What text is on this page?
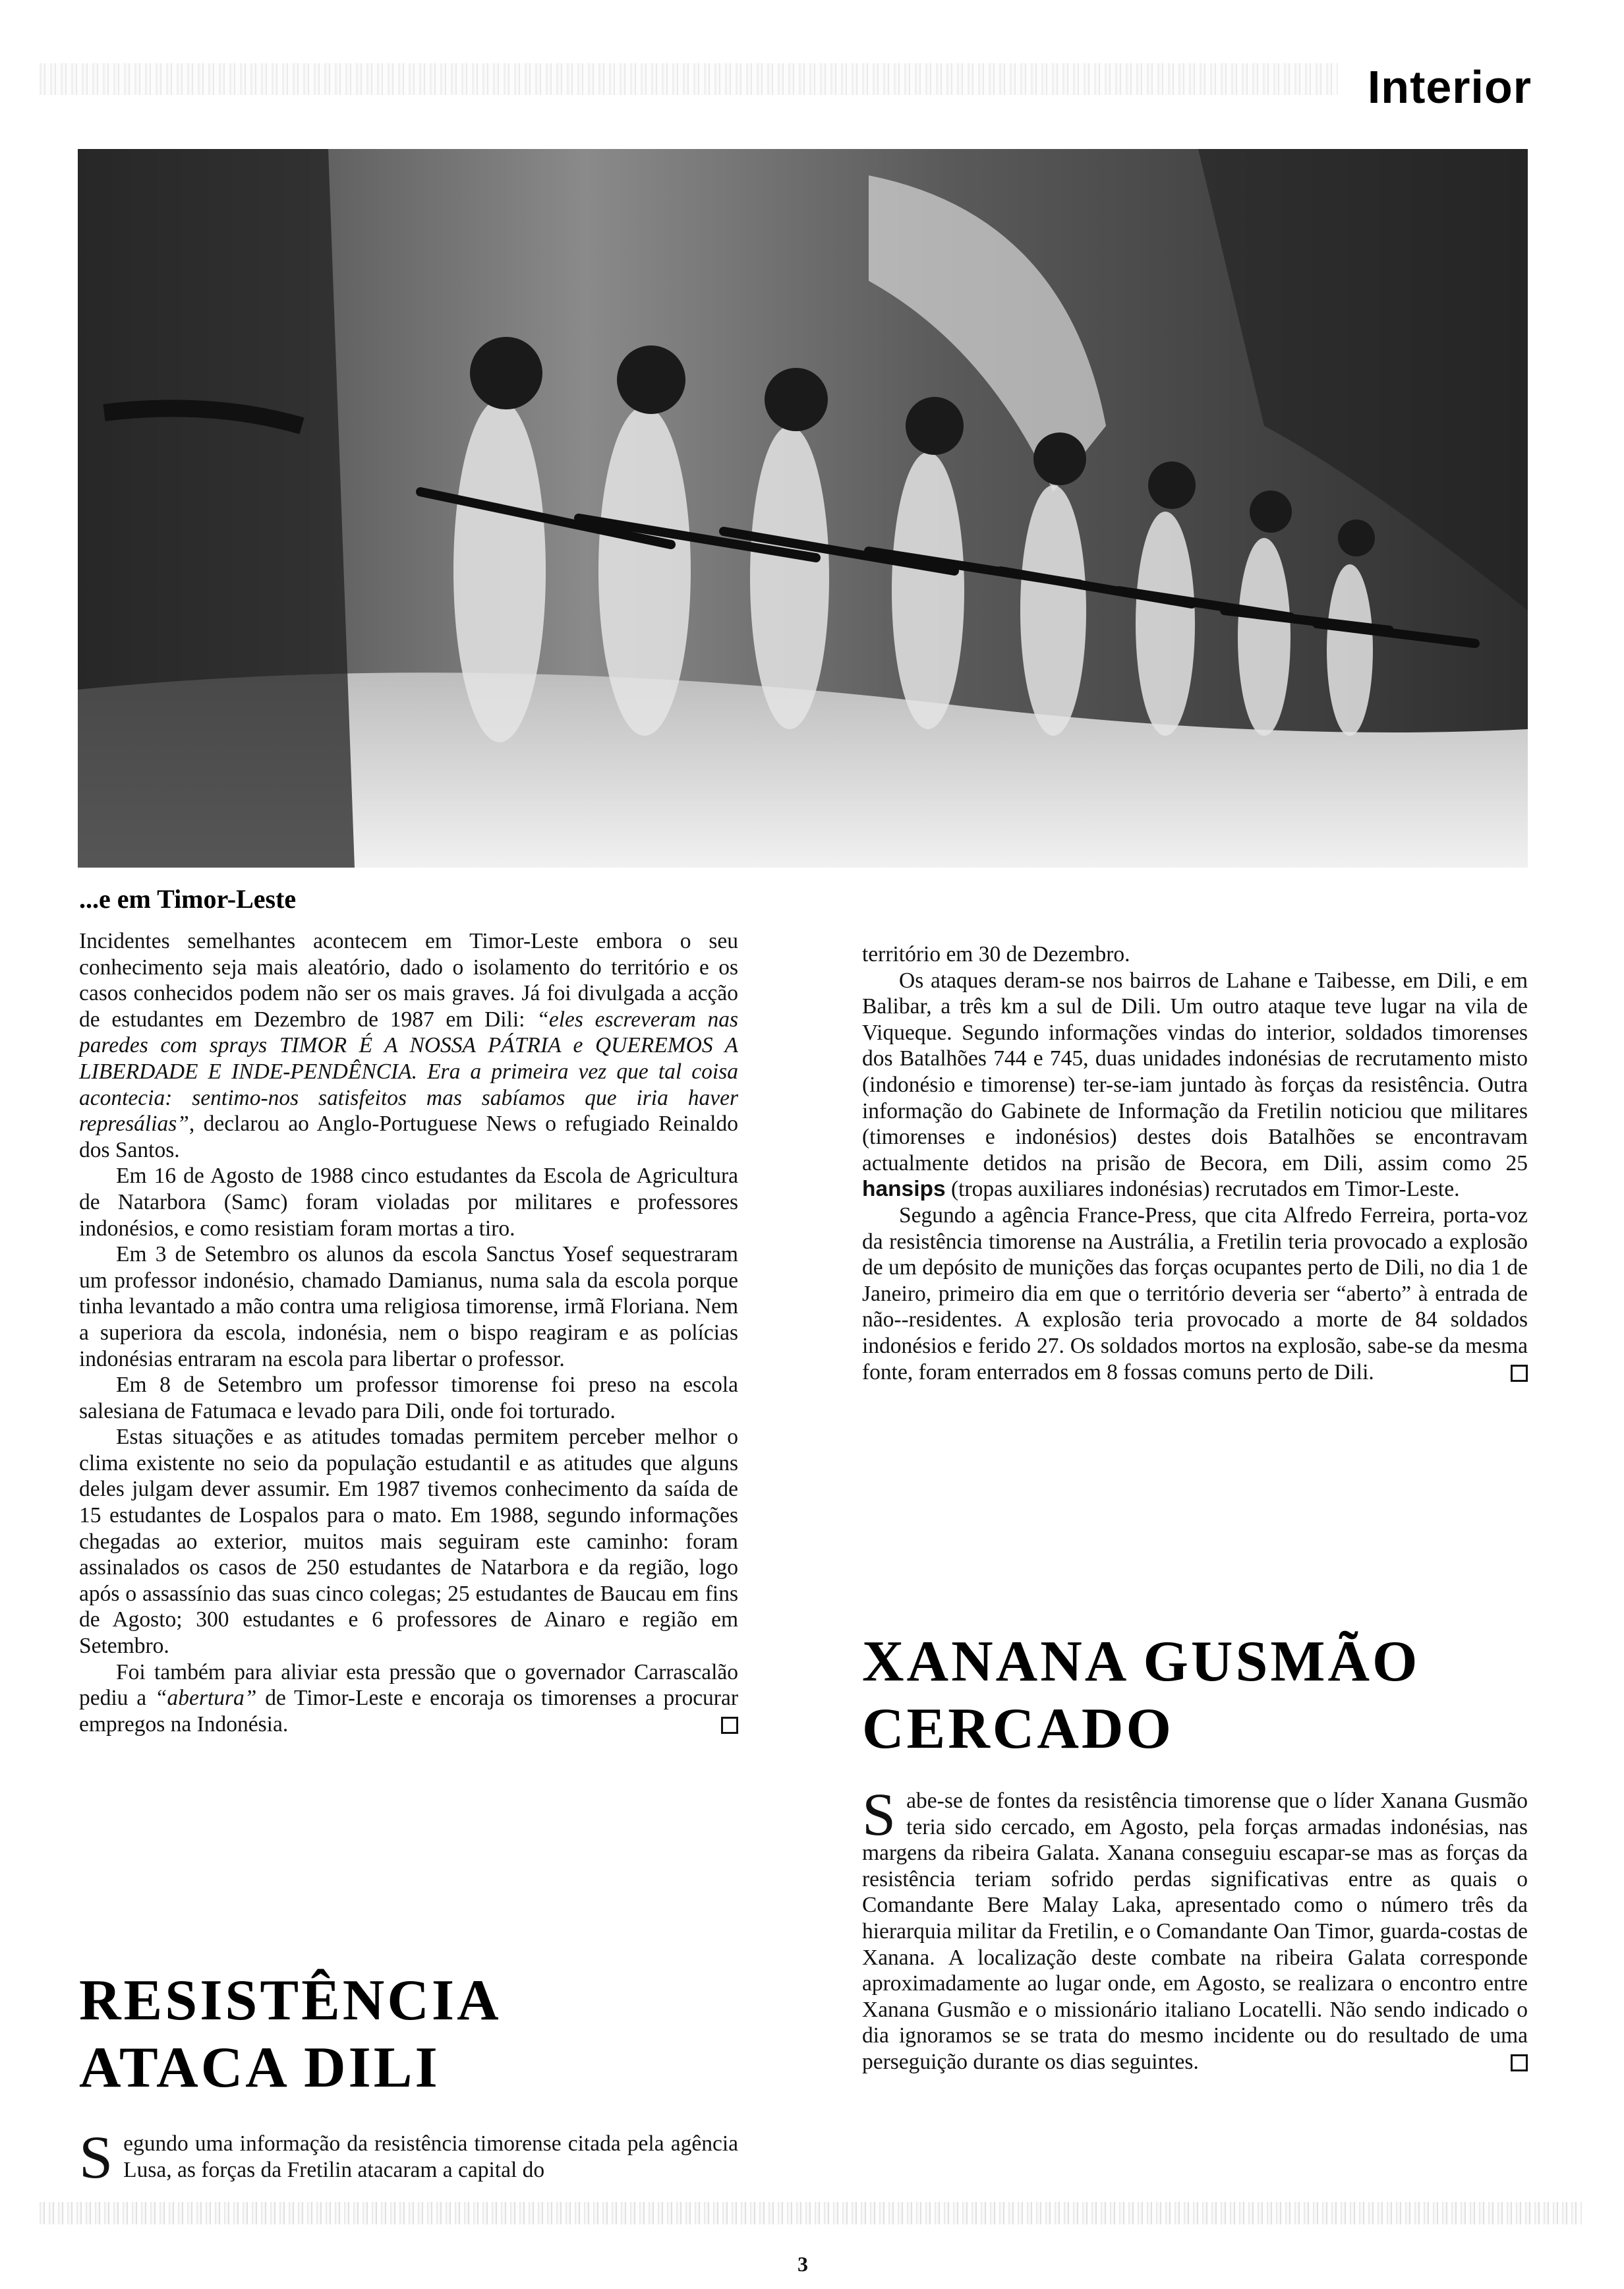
Interior
...e em Timor-Leste

Incidentes semelhantes acontecem em Timor-Leste embora o seu conhecimento seja mais aleatório, dado o isolamento do território e os casos conhecidos podem não ser os mais graves. Já foi divulgada a acção de estudantes em Dezembro de 1987 em Dili: “eles escreveram nas paredes com sprays TIMOR É A NOSSA PÁTRIA e QUEREMOS A LIBERDADE E INDE-PENDÊNCIA. Era a primeira vez que tal coisa acontecia: sentimo-nos satisfeitos mas sabíamos que iria haver represálias”, declarou ao Anglo-Portuguese News o refugiado Reinaldo dos Santos.

Em 16 de Agosto de 1988 cinco estudantes da Escola de Agricultura de Natarbora (Samc) foram violadas por militares e professores indonésios, e como resistiam foram mortas a tiro.

Em 3 de Setembro os alunos da escola Sanctus Yosef sequestraram um professor indonésio, chamado Damianus, numa sala da escola porque tinha levantado a mão contra uma religiosa timorense, irmã Floriana. Nem a superiora da escola, indonésia, nem o bispo reagiram e as polícias indonésias entraram na escola para libertar o professor.

Em 8 de Setembro um professor timorense foi preso na escola salesiana de Fatumaca e levado para Dili, onde foi torturado.

Estas situações e as atitudes tomadas permitem perceber melhor o clima existente no seio da população estudantil e as atitudes que alguns deles julgam dever assumir. Em 1987 tivemos conhecimento da saída de 15 estudantes de Lospalos para o mato. Em 1988, segundo informações chegadas ao exterior, muitos mais seguiram este caminho: foram assinalados os casos de 250 estudantes de Natarbora e da região, logo após o assassínio das suas cinco colegas; 25 estudantes de Baucau em fins de Agosto; 300 estudantes e 6 professores de Ainaro e região em Setembro.

Foi também para aliviar esta pressão que o governador Carrascalão pediu a “abertura” de Timor-Leste e encoraja os timorenses a procurar empregos na Indonésia.

RESISTÊNCIA
ATACA DILI

Segundo uma informação da resistência timorense citada pela agência Lusa, as forças da Fretilin atacaram a capital do

território em 30 de Dezembro.

Os ataques deram-se nos bairros de Lahane e Taibesse, em Dili, e em Balibar, a três km a sul de Dili. Um outro ataque teve lugar na vila de Viqueque. Segundo informações vindas do interior, soldados timorenses dos Batalhões 744 e 745, duas unidades indonésias de recrutamento misto (indonésio e timorense) ter-se-iam juntado às forças da resistência. Outra informação do Gabinete de Informação da Fretilin noticiou que militares (timorenses e indonésios) destes dois Batalhões se encontravam actualmente detidos na prisão de Becora, em Dili, assim como 25 hansips (tropas auxiliares indonésias) recrutados em Timor-Leste.

Segundo a agência France-Press, que cita Alfredo Ferreira, porta-voz da resistência timorense na Austrália, a Fretilin teria provocado a explosão de um depósito de munições das forças ocupantes perto de Dili, no dia 1 de Janeiro, primeiro dia em que o território deveria ser “aberto” à entrada de não--residentes. A explosão teria provocado a morte de 84 soldados indonésios e ferido 27. Os soldados mortos na explosão, sabe-se da mesma fonte, foram enterrados em 8 fossas comuns perto de Dili.

XANANA GUSMÃO
CERCADO

Sabe-se de fontes da resistência timorense que o líder Xanana Gusmão teria sido cercado, em Agosto, pela forças armadas indonésias, nas margens da ribeira Galata. Xanana conseguiu escapar-se mas as forças da resistência teriam sofrido perdas significativas entre as quais o Comandante Bere Malay Laka, apresentado como o número três da hierarquia militar da Fretilin, e o Comandante Oan Timor, guarda-costas de Xanana. A localização deste combate na ribeira Galata corresponde aproximadamente ao lugar onde, em Agosto, se realizara o encontro entre Xanana Gusmão e o missionário italiano Locatelli. Não sendo indicado o dia ignoramos se se trata do mesmo incidente ou do resultado de uma perseguição durante os dias seguintes.

3
